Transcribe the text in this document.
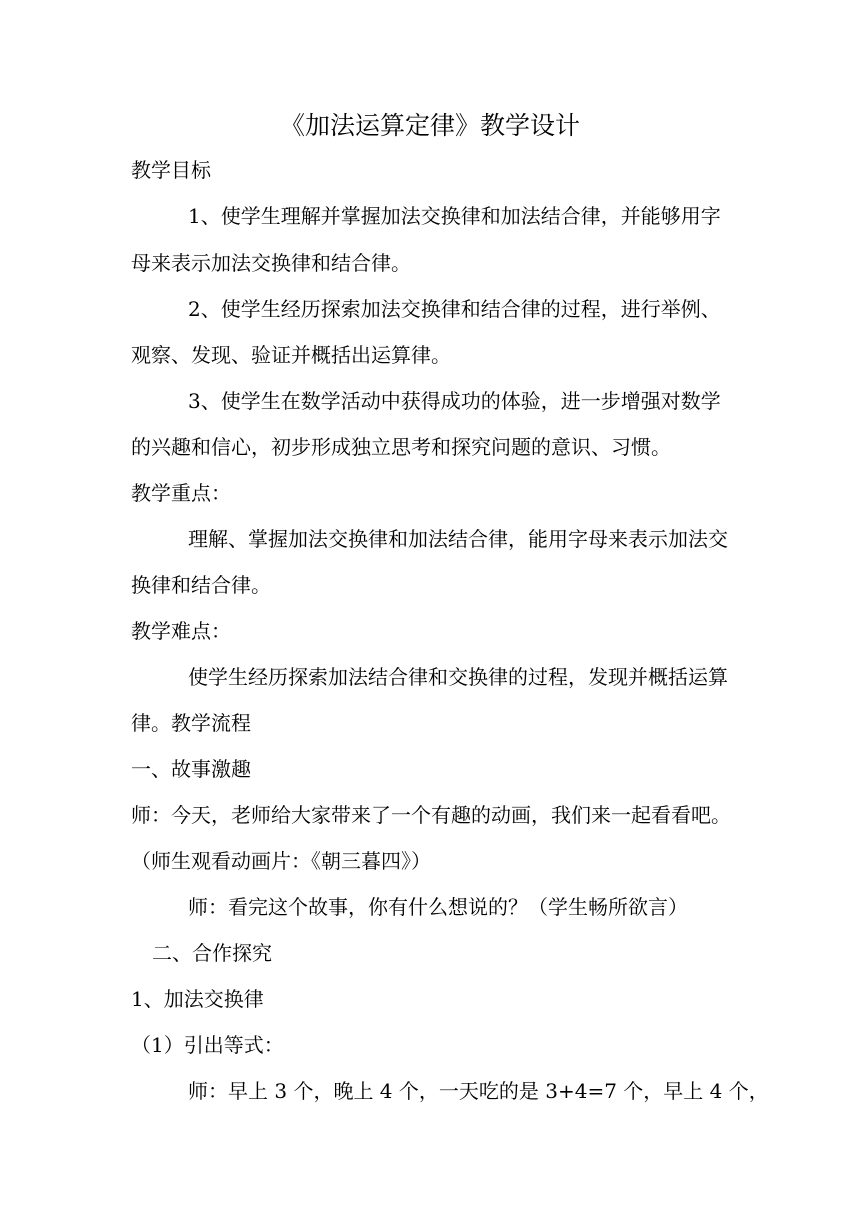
《加法运算定律》教学设计
教学目标
1、使学生理解并掌握加法交换律和加法结合律，并能够用字
母来表示加法交换律和结合律。
2、使学生经历探索加法交换律和结合律的过程，进行举例、
观察、发现、验证并概括出运算律。
3、使学生在数学活动中获得成功的体验，进一步增强对数学
的兴趣和信心，初步形成独立思考和探究问题的意识、习惯。
教学重点：
理解、掌握加法交换律和加法结合律，能用字母来表示加法交
换律和结合律。
教学难点：
使学生经历探索加法结合律和交换律的过程，发现并概括运算
律。教学流程
一、故事激趣
师：今天，老师给大家带来了一个有趣的动画，我们来一起看看吧。
（师生观看动画片：《朝三暮四》）
师：看完这个故事，你有什么想说的？（学生畅所欲言）
二、合作探究
1、加法交换律
（1）引出等式：
师：早上 3 个，晚上 4 个，一天吃的是 3+4=7 个，早上 4 个，
